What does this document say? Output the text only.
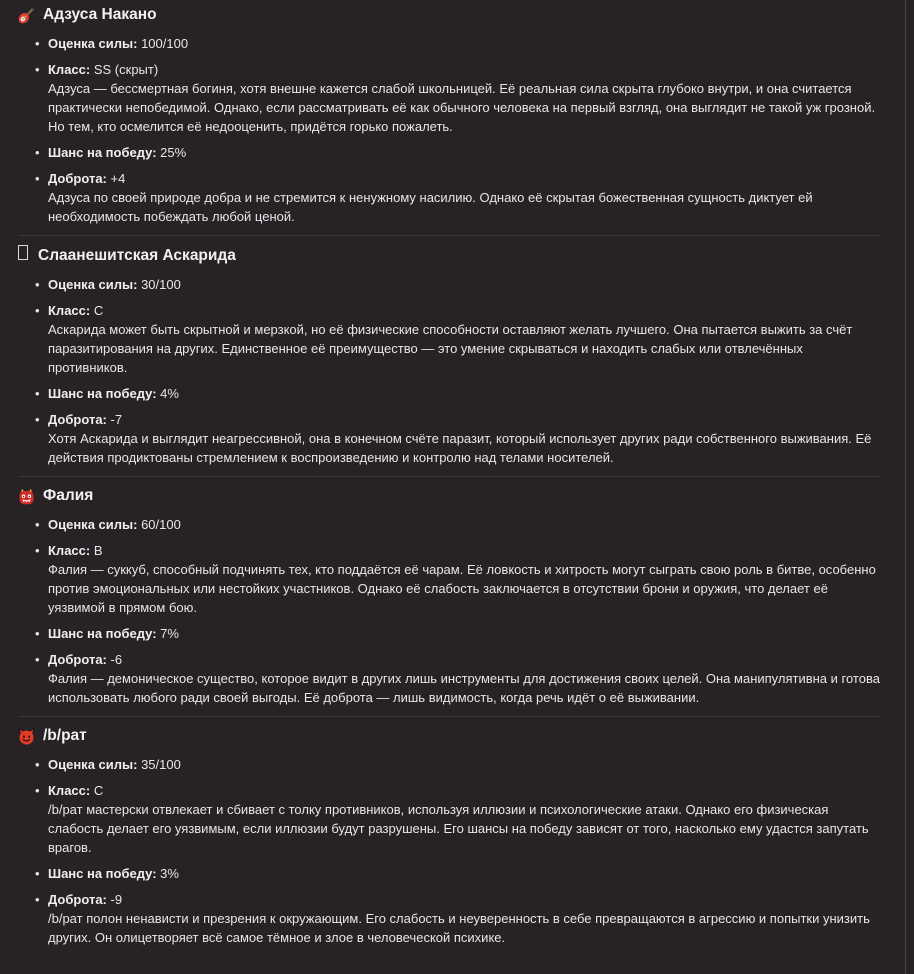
Адзуса Накано
• Оценка силы: 100/100
• Класс: SS (скрыт)
Адзуса — бессмертная богиня, хотя внешне кажется слабой школьницей. Её реальная сила скрыта глубоко внутри, и она считается практически непобедимой. Однако, если рассматривать её как обычного человека на первый взгляд, она выглядит не такой уж грозной. Но тем, кто осмелится её недооценить, придётся горько пожалеть.
• Шанс на победу: 25%
• Доброта: +4
Адзуса по своей природе добра и не стремится к ненужному насилию. Однако её скрытая божественная сущность диктует ей необходимость побеждать любой ценой.
Слаанешитская Аскарида
• Оценка силы: 30/100
• Класс: C
Аскарида может быть скрытной и мерзкой, но её физические способности оставляют желать лучшего. Она пытается выжить за счёт паразитирования на других. Единственное её преимущество — это умение скрываться и находить слабых или отвлечённых противников.
• Шанс на победу: 4%
• Доброта: -7
Хотя Аскарида и выглядит неагрессивной, она в конечном счёте паразит, который использует других ради собственного выживания. Её действия продиктованы стремлением к воспроизведению и контролю над телами носителей.
Фалия
• Оценка силы: 60/100
• Класс: B
Фалия — суккуб, способный подчинять тех, кто поддаётся её чарам. Её ловкость и хитрость могут сыграть свою роль в битве, особенно против эмоциональных или нестойких участников. Однако её слабость заключается в отсутствии брони и оружия, что делает её уязвимой в прямом бою.
• Шанс на победу: 7%
• Доброта: -6
Фалия — демоническое существо, которое видит в других лишь инструменты для достижения своих целей. Она манипулятивна и готова использовать любого ради своей выгоды. Её доброта — лишь видимость, когда речь идёт о её выживании.
/b/рат
• Оценка силы: 35/100
• Класс: C
/b/рат мастерски отвлекает и сбивает с толку противников, используя иллюзии и психологические атаки. Однако его физическая слабость делает его уязвимым, если иллюзии будут разрушены. Его шансы на победу зависят от того, насколько ему удастся запутать врагов.
• Шанс на победу: 3%
• Доброта: -9
/b/рат полон ненависти и презрения к окружающим. Его слабость и неуверенность в себе превращаются в агрессию и попытки унизить других. Он олицетворяет всё самое тёмное и злое в человеческой психике.
